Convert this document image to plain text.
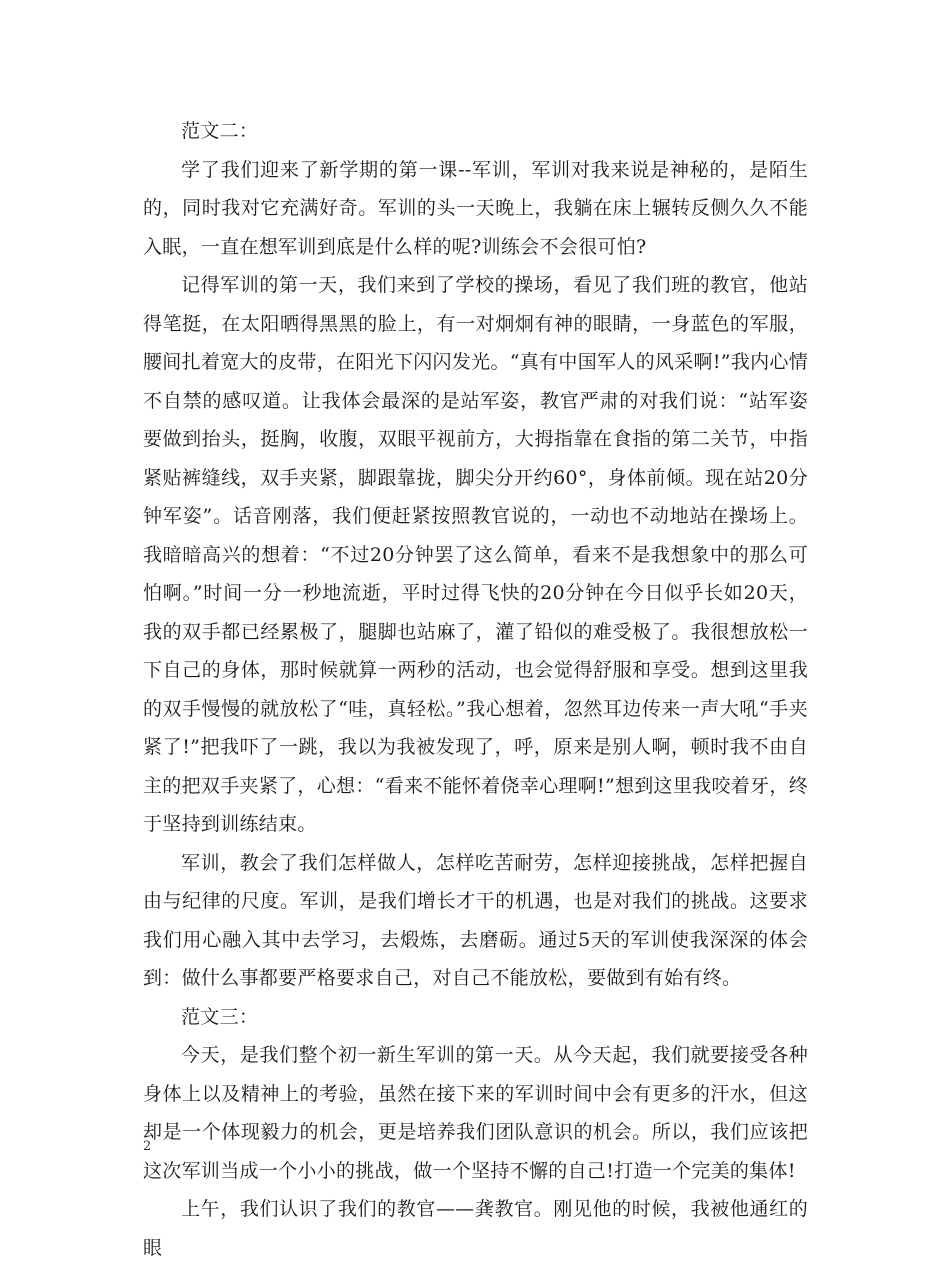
范文二：

学了我们迎来了新学期的第一课--军训，军训对我来说是神秘的，是陌生的，同时我对它充满好奇。军训的头一天晚上，我躺在床上辗转反侧久久不能入眠，一直在想军训到底是什么样的呢?训练会不会很可怕?

记得军训的第一天，我们来到了学校的操场，看见了我们班的教官，他站得笔挺，在太阳晒得黑黑的脸上，有一对炯炯有神的眼睛，一身蓝色的军服，腰间扎着宽大的皮带，在阳光下闪闪发光。“真有中国军人的风采啊!”我内心情不自禁的感叹道。让我体会最深的是站军姿，教官严肃的对我们说：“站军姿要做到抬头，挺胸，收腹，双眼平视前方，大拇指靠在食指的第二关节，中指紧贴裤缝线，双手夹紧，脚跟靠拢，脚尖分开约60°，身体前倾。现在站20分钟军姿”。话音刚落，我们便赶紧按照教官说的，一动也不动地站在操场上。我暗暗高兴的想着：“不过20分钟罢了这么简单，看来不是我想象中的那么可怕啊。”时间一分一秒地流逝，平时过得飞快的20分钟在今日似乎长如20天，我的双手都已经累极了，腿脚也站麻了，灌了铅似的难受极了。我很想放松一下自己的身体，那时候就算一两秒的活动，也会觉得舒服和享受。想到这里我的双手慢慢的就放松了“哇，真轻松。”我心想着，忽然耳边传来一声大吼“手夹紧了!”把我吓了一跳，我以为我被发现了，呼，原来是别人啊，顿时我不由自主的把双手夹紧了，心想：“看来不能怀着侥幸心理啊!”想到这里我咬着牙，终于坚持到训练结束。

军训，教会了我们怎样做人，怎样吃苦耐劳，怎样迎接挑战，怎样把握自由与纪律的尺度。军训，是我们增长才干的机遇，也是对我们的挑战。这要求我们用心融入其中去学习，去煅炼，去磨砺。通过5天的军训使我深深的体会到：做什么事都要严格要求自己，对自己不能放松，要做到有始有终。

范文三：

今天，是我们整个初一新生军训的第一天。从今天起，我们就要接受各种身体上以及精神上的考验，虽然在接下来的军训时间中会有更多的汗水，但这却是一个体现毅力的机会，更是培养我们团队意识的机会。所以，我们应该把这次军训当成一个小小的挑战，做一个坚持不懈的自己!打造一个完美的集体!

上午，我们认识了我们的教官——龚教官。刚见他的时候，我被他通红的眼

2
